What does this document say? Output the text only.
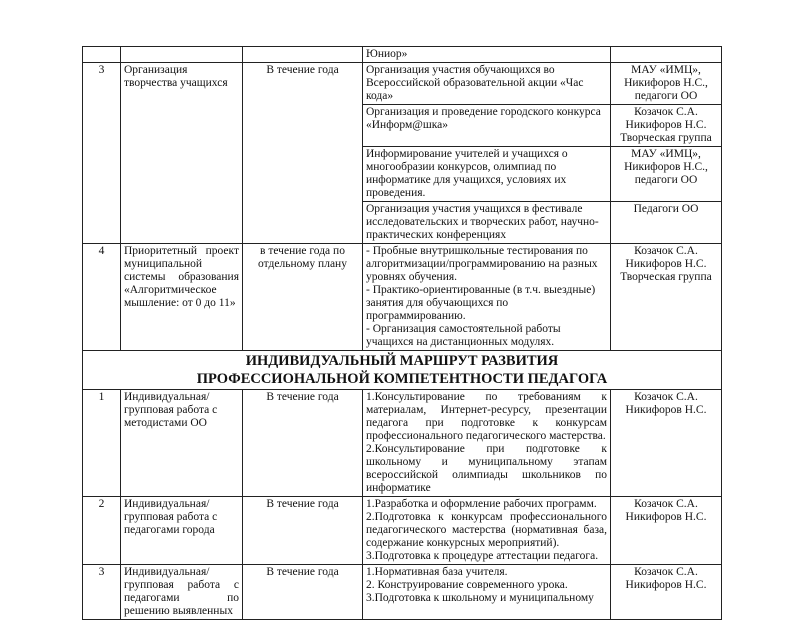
			Юниор»	
3	Организация творчества учащихся	В течение года	Организация участия обучающихся во Всероссийской образовательной акции «Час кода»	МАУ «ИМЦ», Никифоров Н.С., педагоги ОО
			Организация и проведение городского конкурса «Информ@шка»	Козачок С.А. Никифоров Н.С. Творческая группа
			Информирование учителей и учащихся о многообразии конкурсов, олимпиад по информатике для учащихся, условиях их проведения.	МАУ «ИМЦ», Никифоров Н.С., педагоги ОО
			Организация участия учащихся в фестивале исследовательских и творческих работ, научно-практических конференциях	Педагоги ОО
4	Приоритетный проект муниципальной системы образования «Алгоритмическое мышление: от 0 до 11»	в течение года по отдельному плану	- Пробные внутришкольные тестирования по алгоритмизации/программированию на разных уровнях обучения.
- Практико-ориентированные (в т.ч. выездные) занятия для обучающихся по программированию.
- Организация самостоятельной работы учащихся на дистанционных модулях.	Козачок С.А. Никифоров Н.С. Творческая группа
ИНДИВИДУАЛЬНЫЙ МАРШРУТ РАЗВИТИЯ
ПРОФЕССИОНАЛЬНОЙ КОМПЕТЕНТНОСТИ ПЕДАГОГА				
1	Индивидуальная/групповая работа с методистами ОО	В течение года	1.Консультирование по требованиям к материалам, Интернет-ресурсу, презентации педагога при подготовке к конкурсам профессионального педагогического мастерства.
2.Консультирование при подготовке к школьному и муниципальному этапам всероссийской олимпиады школьников по информатике	Козачок С.А. Никифоров Н.С.
2	Индивидуальная/групповая работа с педагогами города	В течение года	1.Разработка и оформление рабочих программ.
2.Подготовка к конкурсам профессионального педагогического мастерства (нормативная база, содержание конкурсных мероприятий).
3.Подготовка к процедуре аттестации педагога.	Козачок С.А. Никифоров Н.С.
3	Индивидуальная/групповая работа с педагогами по решению выявленных	В течение года	1.Нормативная база учителя.
2. Конструирование современного урока.
3.Подготовка к школьному и муниципальному	Козачок С.А. Никифоров Н.С.
